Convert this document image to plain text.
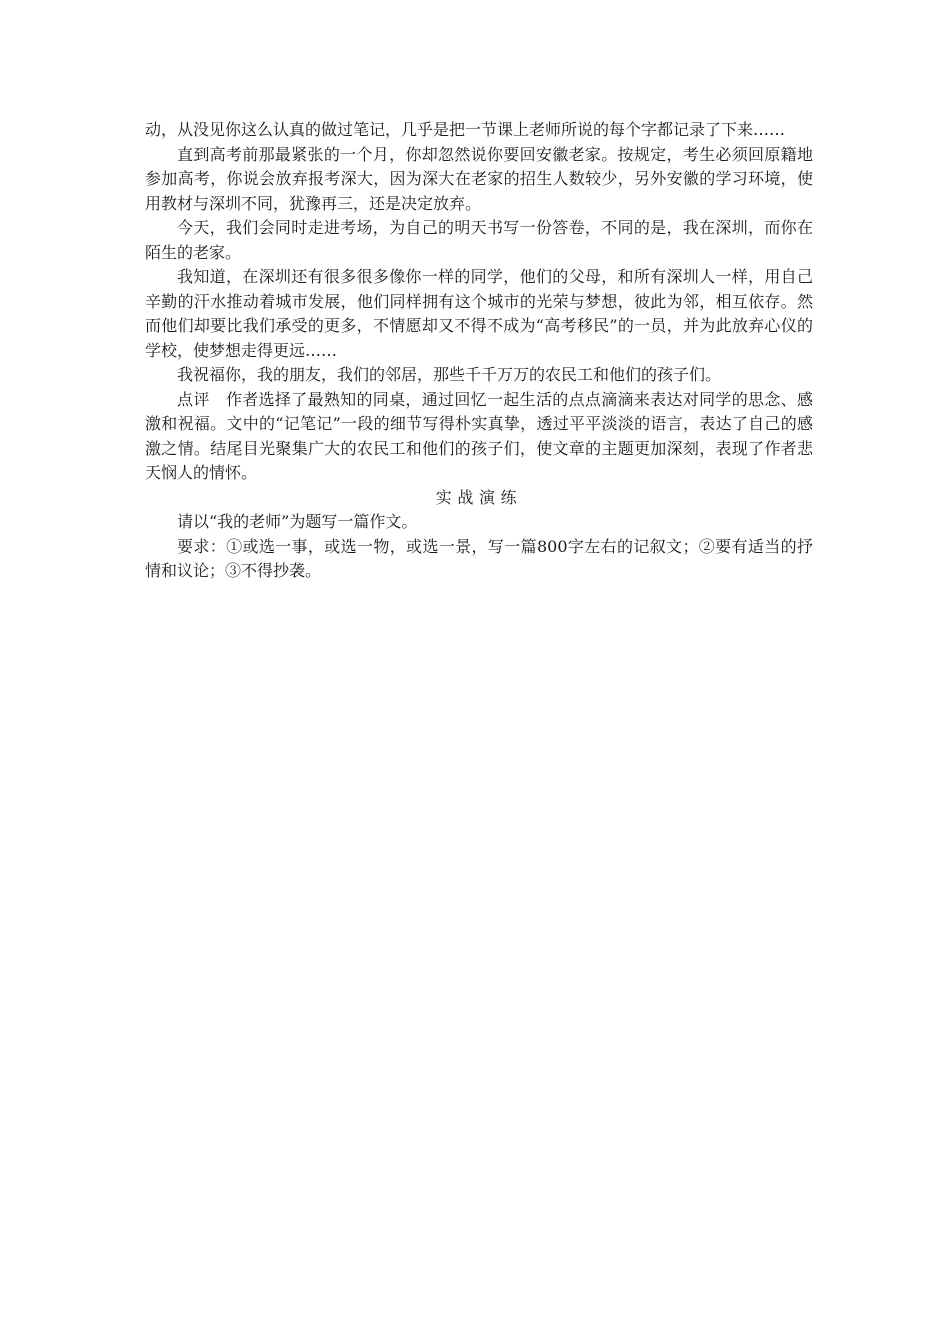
动，从没见你这么认真的做过笔记，几乎是把一节课上老师所说的每个字都记录了下来……

直到高考前那最紧张的一个月，你却忽然说你要回安徽老家。按规定，考生必须回原籍地参加高考，你说会放弃报考深大，因为深大在老家的招生人数较少，另外安徽的学习环境，使用教材与深圳不同，犹豫再三，还是决定放弃。

今天，我们会同时走进考场，为自己的明天书写一份答卷，不同的是，我在深圳，而你在陌生的老家。

我知道，在深圳还有很多很多像你一样的同学，他们的父母，和所有深圳人一样，用自己辛勤的汗水推动着城市发展，他们同样拥有这个城市的光荣与梦想，彼此为邻，相互依存。然而他们却要比我们承受的更多，不情愿却又不得不成为“高考移民”的一员，并为此放弃心仪的学校，使梦想走得更远……

我祝福你，我的朋友，我们的邻居，那些千千万万的农民工和他们的孩子们。

点评　作者选择了最熟知的同桌，通过回忆一起生活的点点滴滴来表达对同学的思念、感激和祝福。文中的“记笔记”一段的细节写得朴实真挚，透过平平淡淡的语言，表达了自己的感激之情。结尾目光聚集广大的农民工和他们的孩子们，使文章的主题更加深刻，表现了作者悲天悯人的情怀。

实战演练

请以“我的老师”为题写一篇作文。

要求：①或选一事，或选一物，或选一景，写一篇800字左右的记叙文；②要有适当的抒情和议论；③不得抄袭。
